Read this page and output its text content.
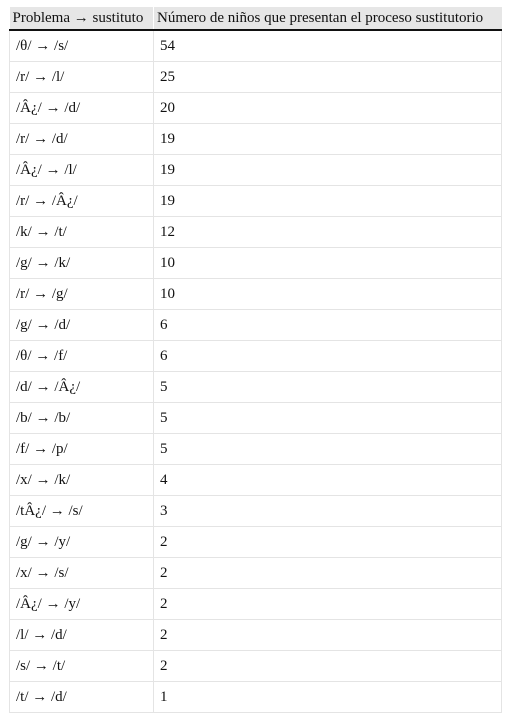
Problema → sustituto	Número de niños que presentan el proceso sustitutorio
/θ/ → /s/	54
/r/ → /l/	25
/Â¿/ → /d/	20
/r/ → /d/	19
/Â¿/ → /l/	19
/r/ → /Â¿/	19
/k/ → /t/	12
/g/ → /k/	10
/r/ → /g/	10
/g/ → /d/	6
/θ/ → /f/	6
/d/ → /Â¿/	5
/b/ → /b/	5
/f/ → /p/	5
/x/ → /k/	4
/tÂ¿/ → /s/	3
/g/ → /y/	2
/x/ → /s/	2
/Â¿/ → /y/	2
/l/ → /d/	2
/s/ → /t/	2
/t/ → /d/	1
